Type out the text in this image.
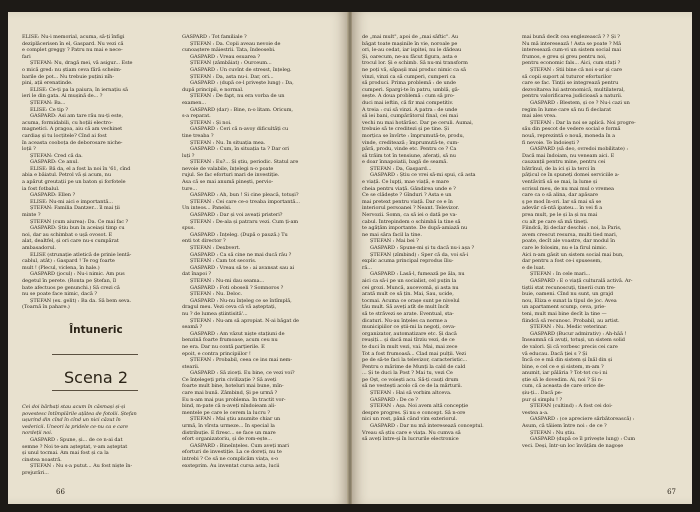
ELISE: Nu-i memorial, acuma, să-ți înfigi
deziplăcerisen în el, Gaspard. Nu vezi că
e complet greggy ? Patru nu mai e nece-
fari
ȘTEFAN: Nu, dragă mei, vă asigur... Este
o mică gred: nu știam ceva fără scheim-
barile de pot... Nu trebuie puțini nîh-
pini, ații erenatinde.
ELISE: Ce-ți pa la paiura, în iernațiu să
ieri le din gata. Ai mușină de... ?
ȘTEFAN: Ba...
ELISE: Ce tip ?
GASPARD: Asi am tare rău nu-ți este,
acuma, formidabili, cu hoțiii electro-
magnetici. A pragoa, aiu că am vechinet
cardiaș și tu locțitele? Cînd ai fost
în aceasta cooboța de deborosare niche-
loții ?
ȘTEFAN: Cred că da.
GASPARD: Ce anul.
ELISE: Bă da, el a fost la noi în '61, cînd
abia e băiatul. Petrol vă și acum, nu
a apărut greutații pe un baton și forfotele
ia fost fotbalul.
GASPARD: Ellen ?
ELISE: Nu-mi aici e importantă...
ȘTEFAN: Familia Dantzer... îl mai ții
minte ?
ȘTEFAN (cum aiurea): Da. Ce mai fac ?
GASPARD: Știu bun în aceiași timp cu
noi, dar au schimbat o ușă ovosot. E
alat, dealtfel, și ori care nu-s cumpărat
ambasadorul.
ELISE (strunație atletică de prinie lentă-
cablul, atât) : Gaspard ! Te rog foarte
mult ! (Plecul, viclena, în hale.)
GASPARD (jocul) : Nu-i nimic. Am pus
degetul în perete. (Ronta pe Ștefan, îl
bate afectuos pe genunchi.) Să crezi că
nu se poate face nimic, dacă ?
ȘTEFAN (ex. gelit) : Ba da. Să bem seva.
(Toarnă în pahare.)
GASPARD : Tot familiale ?
ȘTEFAN : Da. Copii aveau nevoie de
cunoaștere măiestrii. Tata, îndeosebi.
GASPARD : Vreau esuarea ?
ȘTEFAN (zâmbăiat) : Ourceum...
GASPARD : Un cuvînt de stresst, înțeleg.
ȘTEFAN : Da, asta nu-i. Dar, ori...
GASPARD : (după ce-l privește lung) : Da,
după principii, e normal.
ȘTEFAN : De fapt, nu era vorba de un
examen...
GASPARD (dar) : Bine, n-o litam. Oricum,
s-a reparat.
ȘTEFAN : Și noi.
GASPARD : Ceri că n-avoy dificultăți cu
tine treaba ?
ȘTEFAN : Nu. În situația mea.
GASPARD : Cum, în situația ta ? Dar ori
luți ?
ȘTEFAN : Eu?... Și știu, periodic. Statul are
nevoie de valabile, înțelegi n-o poate
rujul. Se fac eforturi mari de investiție.
Asa că se mai anumă pinești, pervio-
ture...
GASPARD : Ah, bun ! Si cine pleacă, totuși?
ȘTEFAN : Cei care ce-o treaba importantă...
Un inteos... Panelsi.
GASPARD : Dar și voi aveați pristeri?
ȘTEFAN : De-ala și patraru vezi. Cum ți-am
spus.
GASPARD : Înțeleg. (După o pauză.) Tu
enti tot director ?
ȘTEFAN : Dexbvert.
GASPARD : Ca să cine ne mai ducă rău ?
ȘTEFAN : Cam tot secoris.
GASPARD : Vreau să te : ai avansat sau ai
dat înapoi ?
ȘTEFAN : Nu-mi dau seama...
GASPARD : Foti oboseli ? Somnoros ?
ȘTEFAN : Nu. Deloc.
GASPARD : Nu-nu înțeleg ce se întîmplă,
dragul meu. Vezi ceva că vă așteptați,
nu ? de lumea știintisită'...
ȘTEFAN : Nu-am să apropiat. N-ai băgat de
seamă ?
GASPARD : Am văzut niște stațiuni de
benzină foarte frumoase, acum ceu nu
ne era. Dar nu contă parțierile. E
epoit, e contra principiilor !
ȘTEFAN : Probabil, ceea ce ins mai nem-
stearii.
GASPARD : Să ziceți. Eu bine, ce vezi voi?
Ce înțelegeți prin civilizație ? Să aveți
foarte mult bine, hoteluri mai bune, mîn-
care mai bună. Zâmbind, Și pe urmă ?
Eu n-am mai pus problema. În tractit vor-
bind, m-pate că n-aveți nîndoieam ali-
mentele pe care le cerem la lucru ?
ȘTEFAN : Mai știu anumite chiar un
urmă, în vîrsta urmeze... În special la
distribuție. E firesc... se face un mare
efort organizatoriu, și de rom-ește...
GASPARD : Bineînțeles. Cum aveți mari
eforturi de investiție. La ce doreți, nu te
intrebi ? Ce să ne complicăm viața, s-o
exsteprim. Au inventat cursa asta, lucii
Întuneric
Scena 2
Cei doi bărbați stau acum în căsmași și-și
povestesc întîmplările ațâtea de fotolii. Ștefan
ușurind din cînd în cînd un nici căzut în
vedericii. Uneori la pridele ce-nu ca e care
nordeții noi.
GASPARD : Spune, și... de ce n-ai dat
semne ? Noi te-am așteptat, v-am așteptat
și unul tocmai. Am mai fost și ca la
cinstea noastră.
ȘTEFAN : Nu s-a putut... Au fost niște în-
prejurări...
66
de „mai mult", apoi de „mai săftic". Au
băgat toate mașinile în vie, noroale pe
ori, le-au cedat, iar ispitei, nu le dădeau
Și, oarecum, ne-au făcut figura, asta e
trocul lor. Și e schimb. Să nu-mi transform
ne poți vă, săpașii mai produc nimic ca să
vinzi, vinzi ca să cumperi, cumperi ca
să produci. Prima problemă : de unde
cumperi. Spargi-te în patru, umblă, gă-
sește. A doua problemă : cum să pro-
duci mai ieftin, că fir mai competitiv.
A treia : cui să vinzi. A patra : de unde
să iei bani, cumpărătorul final, cei mai
vechi nu mai hotărăsc. Dar pe ceruli. Aumai,
trebuie să te creditezi și pe tine. Și
morțica se învîrte : împrumută-te, produ,
vinde, creditează ; împrumută-te, cum-
pără, produ, vinde etc. Pentru ce ? Ca
să trăim tot în tensiune, aferați, să nu
e doar înnapoiatii, bagă de seamă.
ȘTEFAN : Da, Gaspard...
GASPARD : Știu ce vrei să-mi spui, că asta
e viață. Ce lupți, mae viață, e mare
cheia pentru viață. Gândirea unde e ?
Ce se clădește ? Gînduri ? Asta e un
mai pretext pentru viață. Dar ce e în
interiorul persoanei ? Neant. Televizor.
Nervozii. Somn, ca să iei o dată pe va-
cabul. Întrepindem o schimbă la tine să
te agățăm importante. De după-amiază nu
ne mai săra facil la tine.
ȘTEFAN : Mai bei ?
GASPARD : Spune-mi și tu dacă nu-i așa ?
ȘTEFAN (zîmbind) : Sper că da, voi să-i
explic acuma principal reprodus îliu-
ră...
GASPARD : Lasă-l, fumează pe ăla, nu
aici ca să-i pe un socialist, cel puțin la
cei grozi. Muncă, aucevomă, și asta nu
arată mult ce să țin. Mai, Sau, ucide,
tocmai. Acuma ce orașe sunt pe nivelul
tău mult. Să aveți atît de mult încît
să te străvezi se arate. Eventual, sta-
dicaturi. Nu-au înțeles ca norme a
municipiilor ce știi-mi la negoți, ceva-
organizator, automatizare etc. Și dacă
reușiți... și dacă mai tîrziu vezi, de ce
te duci în mult vezi, vai. Mai, mai zece
Tot a fost frumoasă... Clad mai pulții. Vezi
pe de să-te faci la televizor, caracteristic...
Pentru o mărime de Munți la cald de cald
... Și te duci la Post ? Mai tu, vezi Ce
pe Oșt, ce voiești acu. Să-ți cauți drum
să ne vestești acolo că ce de la mărturii.
ȘTEFAN : Hai să vorbim altceva.
GASPARD : De ce ?
ȘTEFAN : Așa. Noi avem altă concepție
despre progres. Și nu e concept. Să n-ore
nici un rost, până când vim exteriorul.
GASPARD : Dar nu mă interesează conceptul.
Vreau să știu care e viața. Nu cumva să
să aveți între-și în lucrurile electronice
mai bună decît cea englezească ? ? Și ?
Nu mă interesează ! Asta se poate ? Mă
interesează cum-vi un sistem social mai
frumos, e greu și greu pentru noi,
pentru economic fals... Aici, cum stați ?
ȘTEFAN : Stii bine că noi s-ar și care
să copii suport al tuturor eforturilor
care se fac. Tinții se integrează pentru
dezvoltarea lui astronomică, multilateral,
pentru valorificarea judicioasă a naturii.
GASPARD : Blestem, și ce ? Nu-i cazi un
regim în lume care să nu fi declarat
mai ales vrea.
ȘTEFAN : Dar la noi se aplică. Noi progre-
său din pescot de vedere social e formă
nouă, reprezintă o nouă, moneda în a
fi nevoie. Te îndoiești ?
GASPARD (să deo, ovredoi mobilitate) :
Dacă mai îndoiam, nu veneam aici. E
cauzanții pentru mine, pentru cei
bătrînul, de la ici și la terci în
pățicul ce în spuneți domei serviciile a-
ventăviră să se mai, la lume și
scrisul meu, de nu mai mul o vremea
care ca o să alina, dar apăsare
ș pe mod în-ori. Iar să mai să se
adevăr că-ntă ipateu... în vei fi a
prea mult, pe le și la și nu mai
cu alt pe care să mă tineți.
Fiindcă, îți declar deschis : noi, la Paris,
avem crescut resursa, multi tied mari,
poate, decît ale voastre, dar modul în
care le folosim, nu e la firul nimic.
Aici n-am găsit un sistem social mai bun,
dar pentru a fost ce-i spusesem,
e de luat.
ȘTEFAN : In cele mari...
GASPARD : E o viață culturală activă. Ar-
tiștii stat recunoscuți, tinerii cum tre-
buie, oameni. Cînd nu sunt, un grajd
nou, Eliza e sunat la tipul de joc. Avea
un apartament scump, ceva, prie-
teni, mult mai bine decît la tine —
fiindcă să recunosc. Probabil, au artist.
ȘTEFAN : Nu. Medic veterinar.
GASPARD (Bucur admirativ) : Ah-hăă !
Înseamnă că avuți, totuși, un sistem solid
de valori. Și că vorbesc precis cei care
vă educau. Dacă ției s ? Și
Încă ce e mă din sistem și înăl din și
bine, e cel ce e și sistem, m-am ?
anumit, iar pălăria ? Tot-tot cu-i ni
știe să le dovedim. Ai, noi ? Și n-
cum, că aceasta de care orice de-
șiu-ți... Dacă pe-
pur și simplu ! ?
ȘTEFAN (cultind) : A fost cei doi-
vestea a-a.
GASPARD : (ce apreciere sărbătorească) :
Asum, că tăiiem între noi : de ce ?
ȘTEFAN : Nu știu.
GASPARD (după ce îl privește lung) : Cum
veci. Deși, într-un loc învățăm de nagoșe
67
